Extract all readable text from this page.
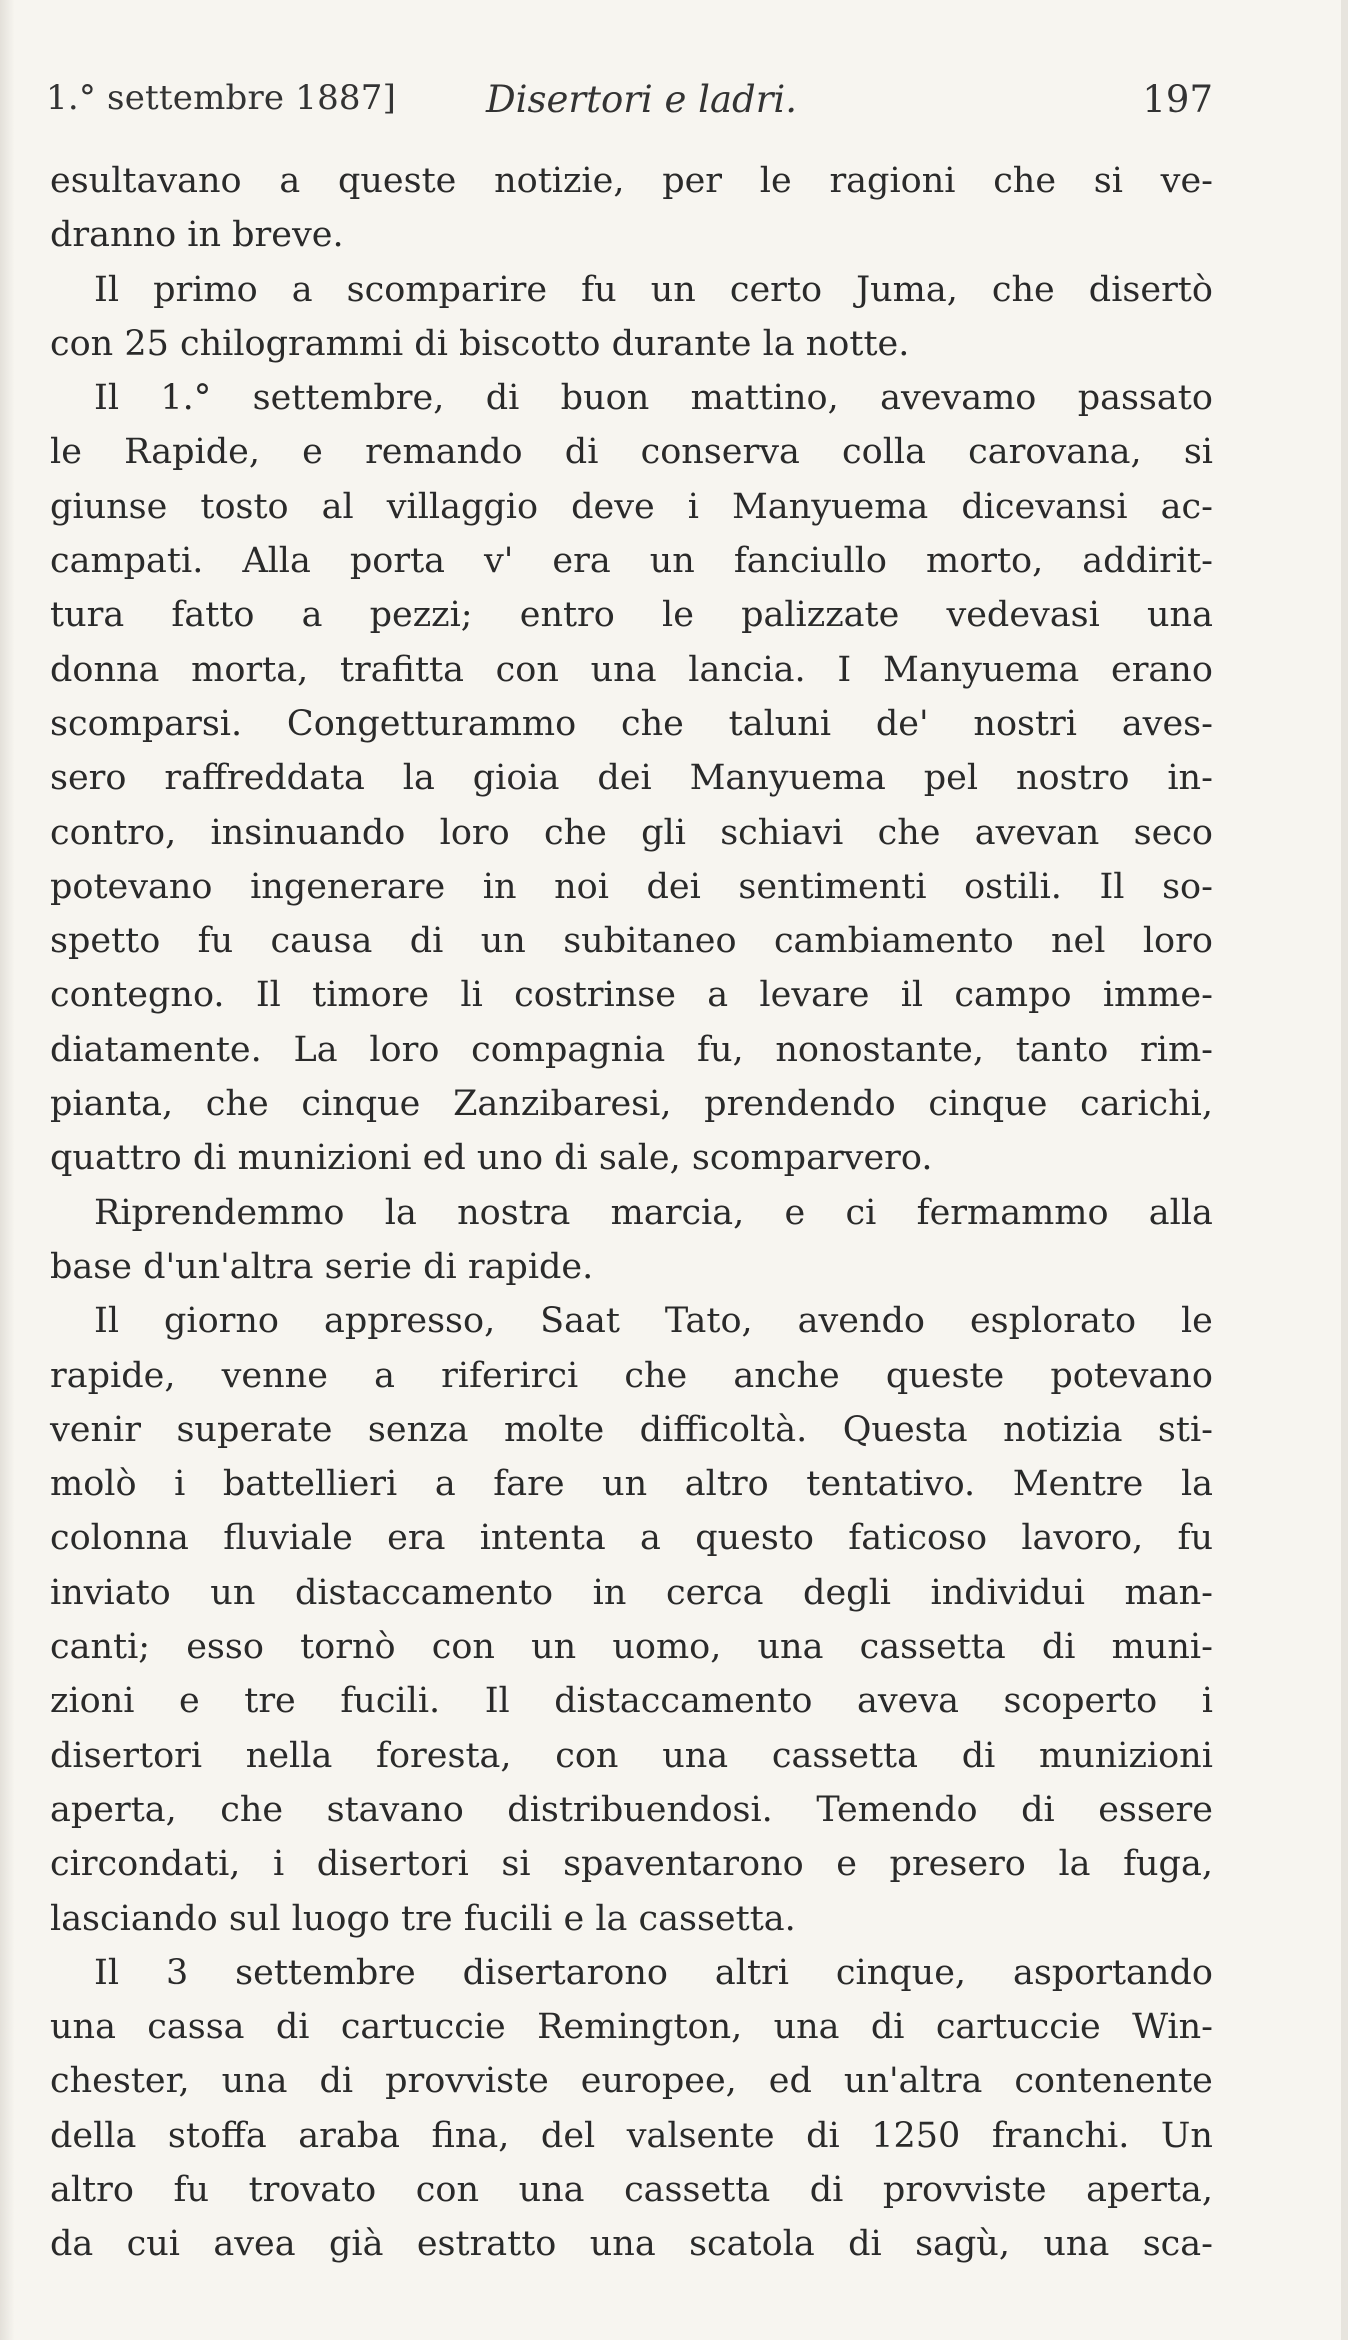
1.° settembre 1887] Disertori e ladri.	197
esultavano a queste notizie, per le ragioni che si ve-
dranno in breve.
Il primo a scomparire fu un certo Juma, che disertò
con 25 chilogrammi di biscotto durante la notte.
Il 1.° settembre, di buon mattino, avevamo passato
le Rapide, e remando di conserva colla carovana, si
giunse tosto al villaggio deve i Manyuema dicevansi ac-
campati. Alla porta v' era un fanciullo morto, addirit-
tura fatto a pezzi; entro le palizzate vedevasi una
donna morta, trafitta con una lancia. I Manyuema erano
scomparsi. Congetturammo che taluni de' nostri aves-
sero raffreddata la gioia dei Manyuema pel nostro in-
contro, insinuando loro che gli schiavi che avevan seco
potevano ingenerare in noi dei sentimenti ostili. Il so-
spetto fu causa di un subitaneo cambiamento nel loro
contegno. Il timore li costrinse a levare il campo imme-
diatamente. La loro compagnia fu, nonostante, tanto rim-
pianta, che cinque Zanzibaresi, prendendo cinque carichi,
quattro di munizioni ed uno di sale, scomparvero.
Riprendemmo la nostra marcia, e ci fermammo alla
base d'un'altra serie di rapide.
Il giorno appresso, Saat Tato, avendo esplorato le
rapide, venne a riferirci che anche queste potevano
venir superate senza molte difficoltà. Questa notizia sti-
molò i battellieri a fare un altro tentativo. Mentre la
colonna fluviale era intenta a questo faticoso lavoro, fu
inviato un distaccamento in cerca degli individui man-
canti; esso tornò con un uomo, una cassetta di muni-
zioni e tre fucili. Il distaccamento aveva scoperto i
disertori nella foresta, con una cassetta di munizioni
aperta, che stavano distribuendosi. Temendo di essere
circondati, i disertori si spaventarono e presero la fuga,
lasciando sul luogo tre fucili e la cassetta.
Il 3 settembre disertarono altri cinque, asportando
una cassa di cartuccie Remington, una di cartuccie Win-
chester, una di provviste europee, ed un'altra contenente
della stoffa araba fina, del valsente di 1250 franchi. Un
altro fu trovato con una cassetta di provviste aperta,
da cui avea già estratto una scatola di sagù, una sca-
